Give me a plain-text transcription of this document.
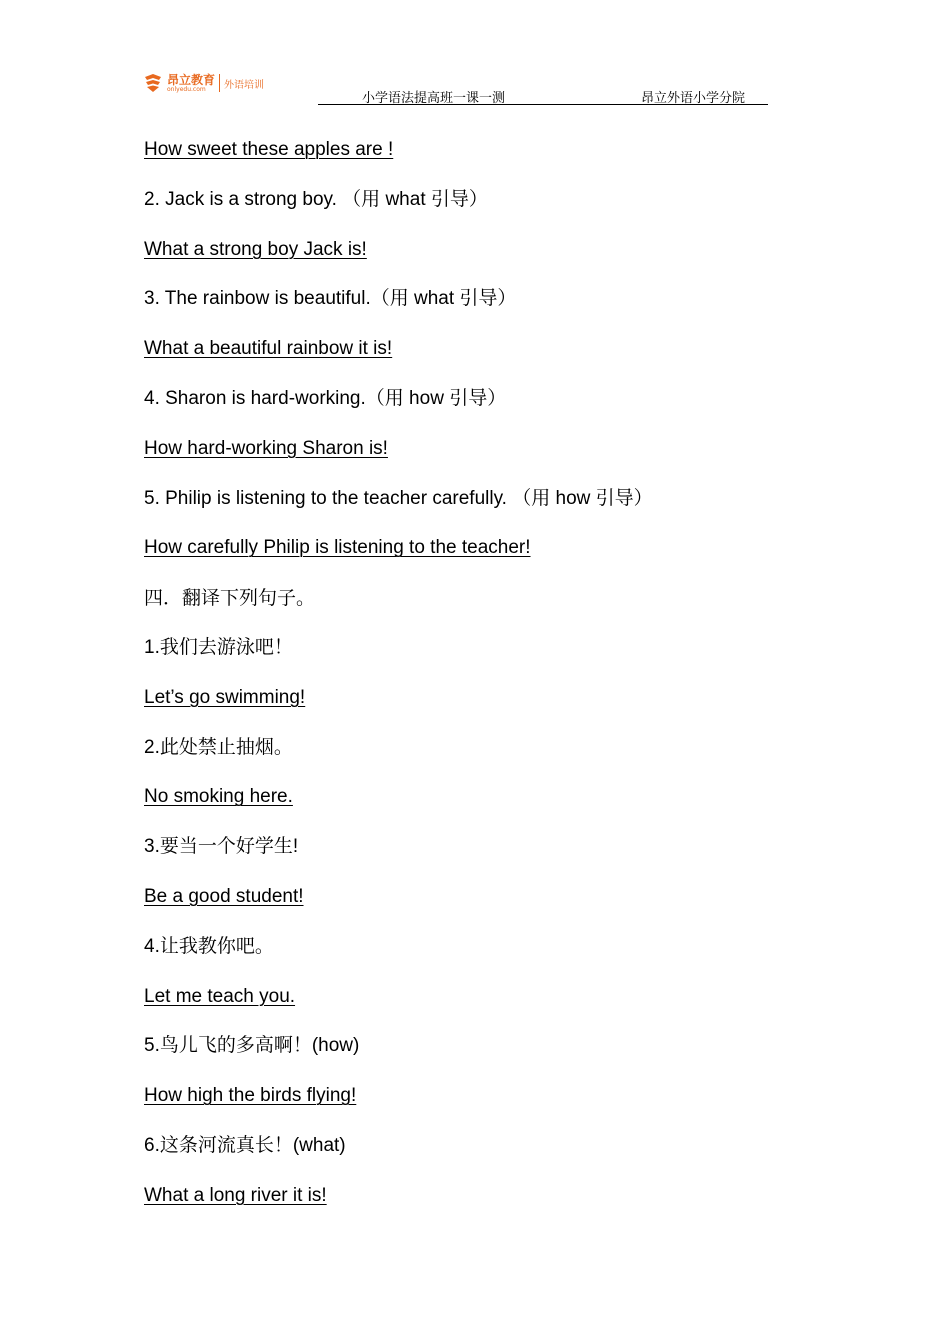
昂立教育
onlyedu.com	外语培训
小学语法提高班一课一测	昂立外语小学分院
How sweet these apples are !
2. Jack is a strong boy. （用 what 引导）
What a strong boy Jack is!
3. The rainbow is beautiful.（用 what 引导）
What a beautiful rainbow it is!
4. Sharon is hard-working.（用 how 引导）
How hard-working Sharon is!
5. Philip is listening to the teacher carefully. （用 how 引导）
How carefully Philip is listening to the teacher!
四．翻译下列句子。
1.我们去游泳吧！
Let’s go swimming!
2.此处禁止抽烟。
No smoking here.
3.要当一个好学生!
Be a good student!
4.让我教你吧。
Let me teach you.
5.鸟儿飞的多高啊！(how)
How high the birds flying!
6.这条河流真长！(what)
What a long river it is!
